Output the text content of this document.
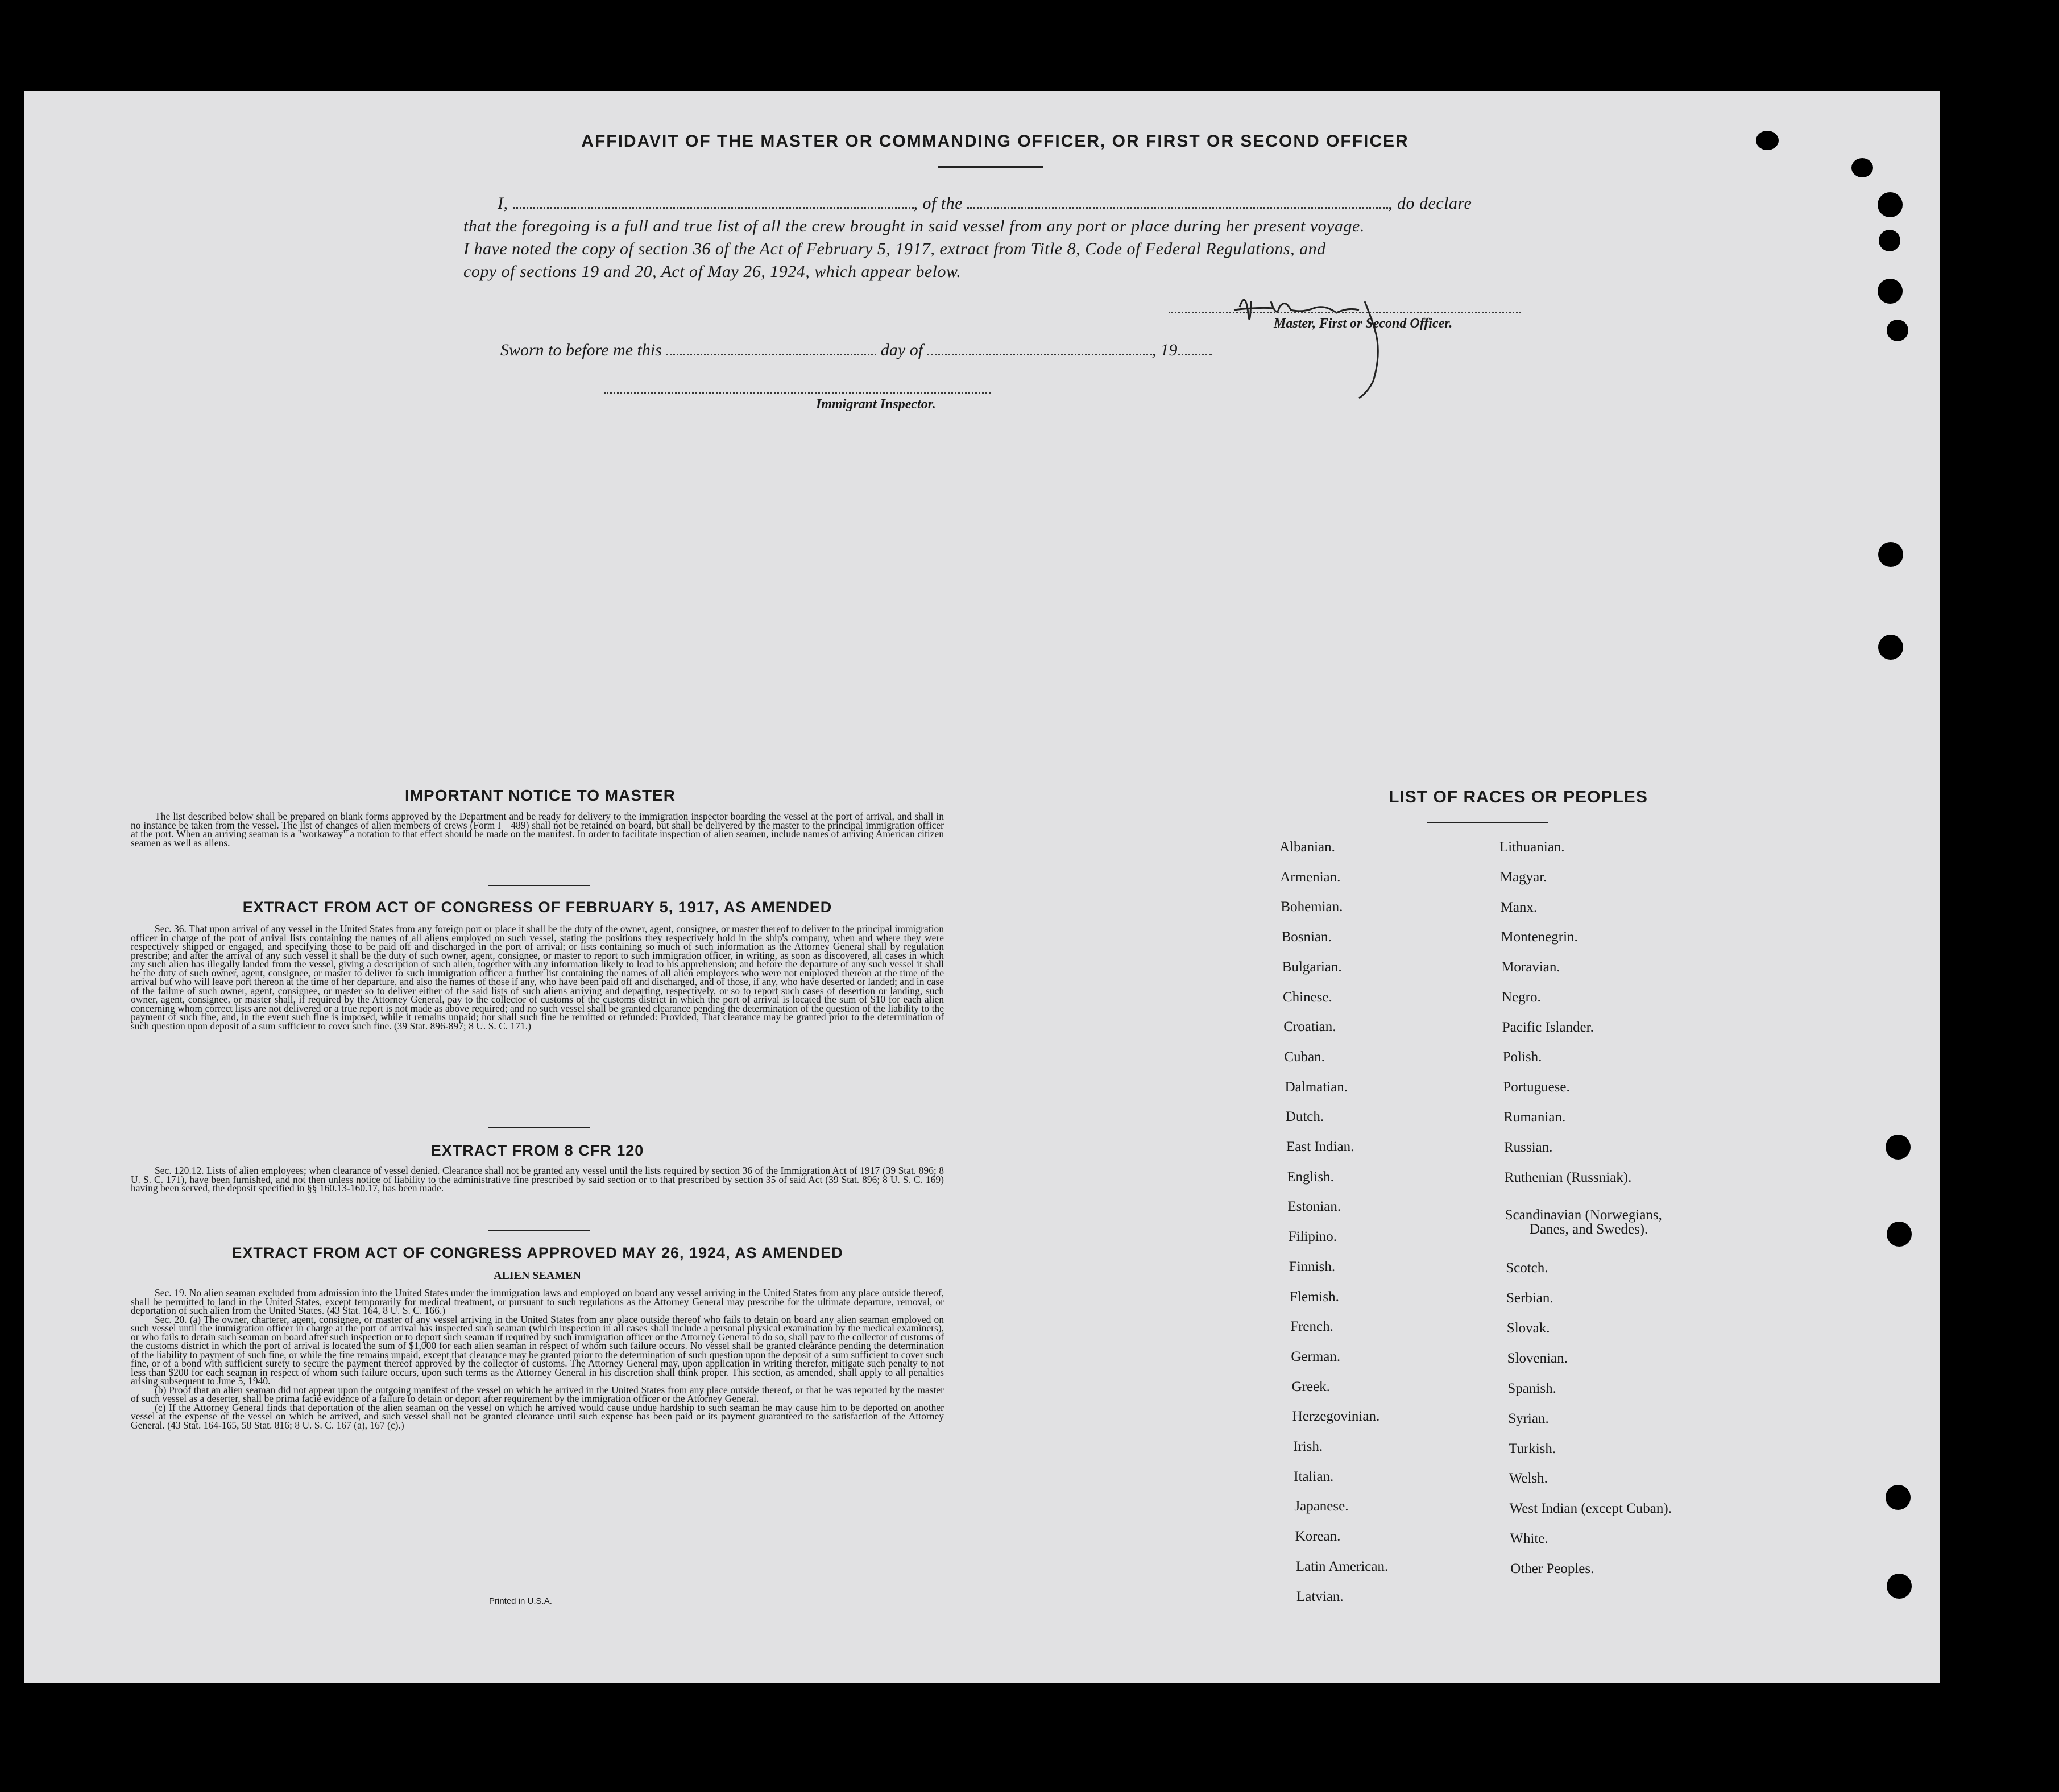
AFFIDAVIT OF THE MASTER OR COMMANDING OFFICER, OR FIRST OR SECOND OFFICER
I,	, of the	, do declare
that the foregoing is a full and true list of all the crew brought in said vessel from any port or place during her present voyage.
I have noted the copy of section 36 of the Act of February 5, 1917, extract from Title 8, Code of Federal Regulations, and
copy of sections 19 and 20, Act of May 26, 1924, which appear below.
Master, First or Second Officer.
Sworn to before me this	day of	, 19
Immigrant Inspector.
IMPORTANT NOTICE TO MASTER

The list described below shall be prepared on blank forms approved by the Department and be ready for delivery to the immigration inspector boarding the vessel at the port of arrival, and shall in no instance be taken from the vessel. The list of changes of alien members of crews (Form I—489) shall not be retained on board, but shall be delivered by the master to the principal immigration officer at the port. When an arriving seaman is a "workaway" a notation to that effect should be made on the manifest. In order to facilitate inspection of alien seamen, include names of arriving American citizen seamen as well as aliens.

EXTRACT FROM ACT OF CONGRESS OF FEBRUARY 5, 1917, AS AMENDED

Sec. 36. That upon arrival of any vessel in the United States from any foreign port or place it shall be the duty of the owner, agent, consignee, or master thereof to deliver to the principal immigration officer in charge of the port of arrival lists containing the names of all aliens employed on such vessel, stating the positions they respectively hold in the ship's company, when and where they were respectively shipped or engaged, and specifying those to be paid off and discharged in the port of arrival; or lists containing so much of such information as the Attorney General shall by regulation prescribe; and after the arrival of any such vessel it shall be the duty of such owner, agent, consignee, or master to report to such immigration officer, in writing, as soon as discovered, all cases in which any such alien has illegally landed from the vessel, giving a description of such alien, together with any information likely to lead to his apprehension; and before the departure of any such vessel it shall be the duty of such owner, agent, consignee, or master to deliver to such immigration officer a further list containing the names of all alien employees who were not employed thereon at the time of the arrival but who will leave port thereon at the time of her departure, and also the names of those if any, who have been paid off and discharged, and of those, if any, who have deserted or landed; and in case of the failure of such owner, agent, consignee, or master so to deliver either of the said lists of such aliens arriving and departing, respectively, or so to report such cases of desertion or landing, such owner, agent, consignee, or master shall, if required by the Attorney General, pay to the collector of customs of the customs district in which the port of arrival is located the sum of $10 for each alien concerning whom correct lists are not delivered or a true report is not made as above required; and no such vessel shall be granted clearance pending the determination of the question of the liability to the payment of such fine, and, in the event such fine is imposed, while it remains unpaid; nor shall such fine be remitted or refunded: Provided, That clearance may be granted prior to the determination of such question upon deposit of a sum sufficient to cover such fine. (39 Stat. 896-897; 8 U. S. C. 171.)

EXTRACT FROM 8 CFR 120

Sec. 120.12. Lists of alien employees; when clearance of vessel denied. Clearance shall not be granted any vessel until the lists required by section 36 of the Immigration Act of 1917 (39 Stat. 896; 8 U. S. C. 171), have been furnished, and not then unless notice of liability to the administrative fine prescribed by said section or to that prescribed by section 35 of said Act (39 Stat. 896; 8 U. S. C. 169) having been served, the deposit specified in §§ 160.13-160.17, has been made.

EXTRACT FROM ACT OF CONGRESS APPROVED MAY 26, 1924, AS AMENDED
ALIEN SEAMEN

Sec. 19. No alien seaman excluded from admission into the United States under the immigration laws and employed on board any vessel arriving in the United States from any place outside thereof, shall be permitted to land in the United States, except temporarily for medical treatment, or pursuant to such regulations as the Attorney General may prescribe for the ultimate departure, removal, or deportation of such alien from the United States. (43 Stat. 164, 8 U. S. C. 166.)

Sec. 20. (a) The owner, charterer, agent, consignee, or master of any vessel arriving in the United States from any place outside thereof who fails to detain on board any alien seaman employed on such vessel until the immigration officer in charge at the port of arrival has inspected such seaman (which inspection in all cases shall include a personal physical examination by the medical examiners), or who fails to detain such seaman on board after such inspection or to deport such seaman if required by such immigration officer or the Attorney General to do so, shall pay to the collector of customs of the customs district in which the port of arrival is located the sum of $1,000 for each alien seaman in respect of whom such failure occurs. No vessel shall be granted clearance pending the determination of the liability to payment of such fine, or while the fine remains unpaid, except that clearance may be granted prior to the determination of such question upon the deposit of a sum sufficient to cover such fine, or of a bond with sufficient surety to secure the payment thereof approved by the collector of customs. The Attorney General may, upon application in writing therefor, mitigate such penalty to not less than $200 for each seaman in respect of whom such failure occurs, upon such terms as the Attorney General in his discretion shall think proper. This section, as amended, shall apply to all penalties arising subsequent to June 5, 1940.

(b) Proof that an alien seaman did not appear upon the outgoing manifest of the vessel on which he arrived in the United States from any place outside thereof, or that he was reported by the master of such vessel as a deserter, shall be prima facie evidence of a failure to detain or deport after requirement by the immigration officer or the Attorney General.

(c) If the Attorney General finds that deportation of the alien seaman on the vessel on which he arrived would cause undue hardship to such seaman he may cause him to be deported on another vessel at the expense of the vessel on which he arrived, and such vessel shall not be granted clearance until such expense has been paid or its payment guaranteed to the satisfaction of the Attorney General. (43 Stat. 164-165, 58 Stat. 816; 8 U. S. C. 167 (a), 167 (c).)

Printed in U.S.A.
LIST OF RACES OR PEOPLES
Albanian.
Armenian.
Bohemian.
Bosnian.
Bulgarian.
Chinese.
Croatian.
Cuban.
Dalmatian.
Dutch.
East Indian.
English.
Estonian.
Filipino.
Finnish.
Flemish.
French.
German.
Greek.
Herzegovinian.
Irish.
Italian.
Japanese.
Korean.
Latin American.
Latvian.
Lithuanian.
Magyar.
Manx.
Montenegrin.
Moravian.
Negro.
Pacific Islander.
Polish.
Portuguese.
Rumanian.
Russian.
Ruthenian (Russniak).
Scandinavian (Norwegians,
Danes, and Swedes).
Scotch.
Serbian.
Slovak.
Slovenian.
Spanish.
Syrian.
Turkish.
Welsh.
West Indian (except Cuban).
White.
Other Peoples.
